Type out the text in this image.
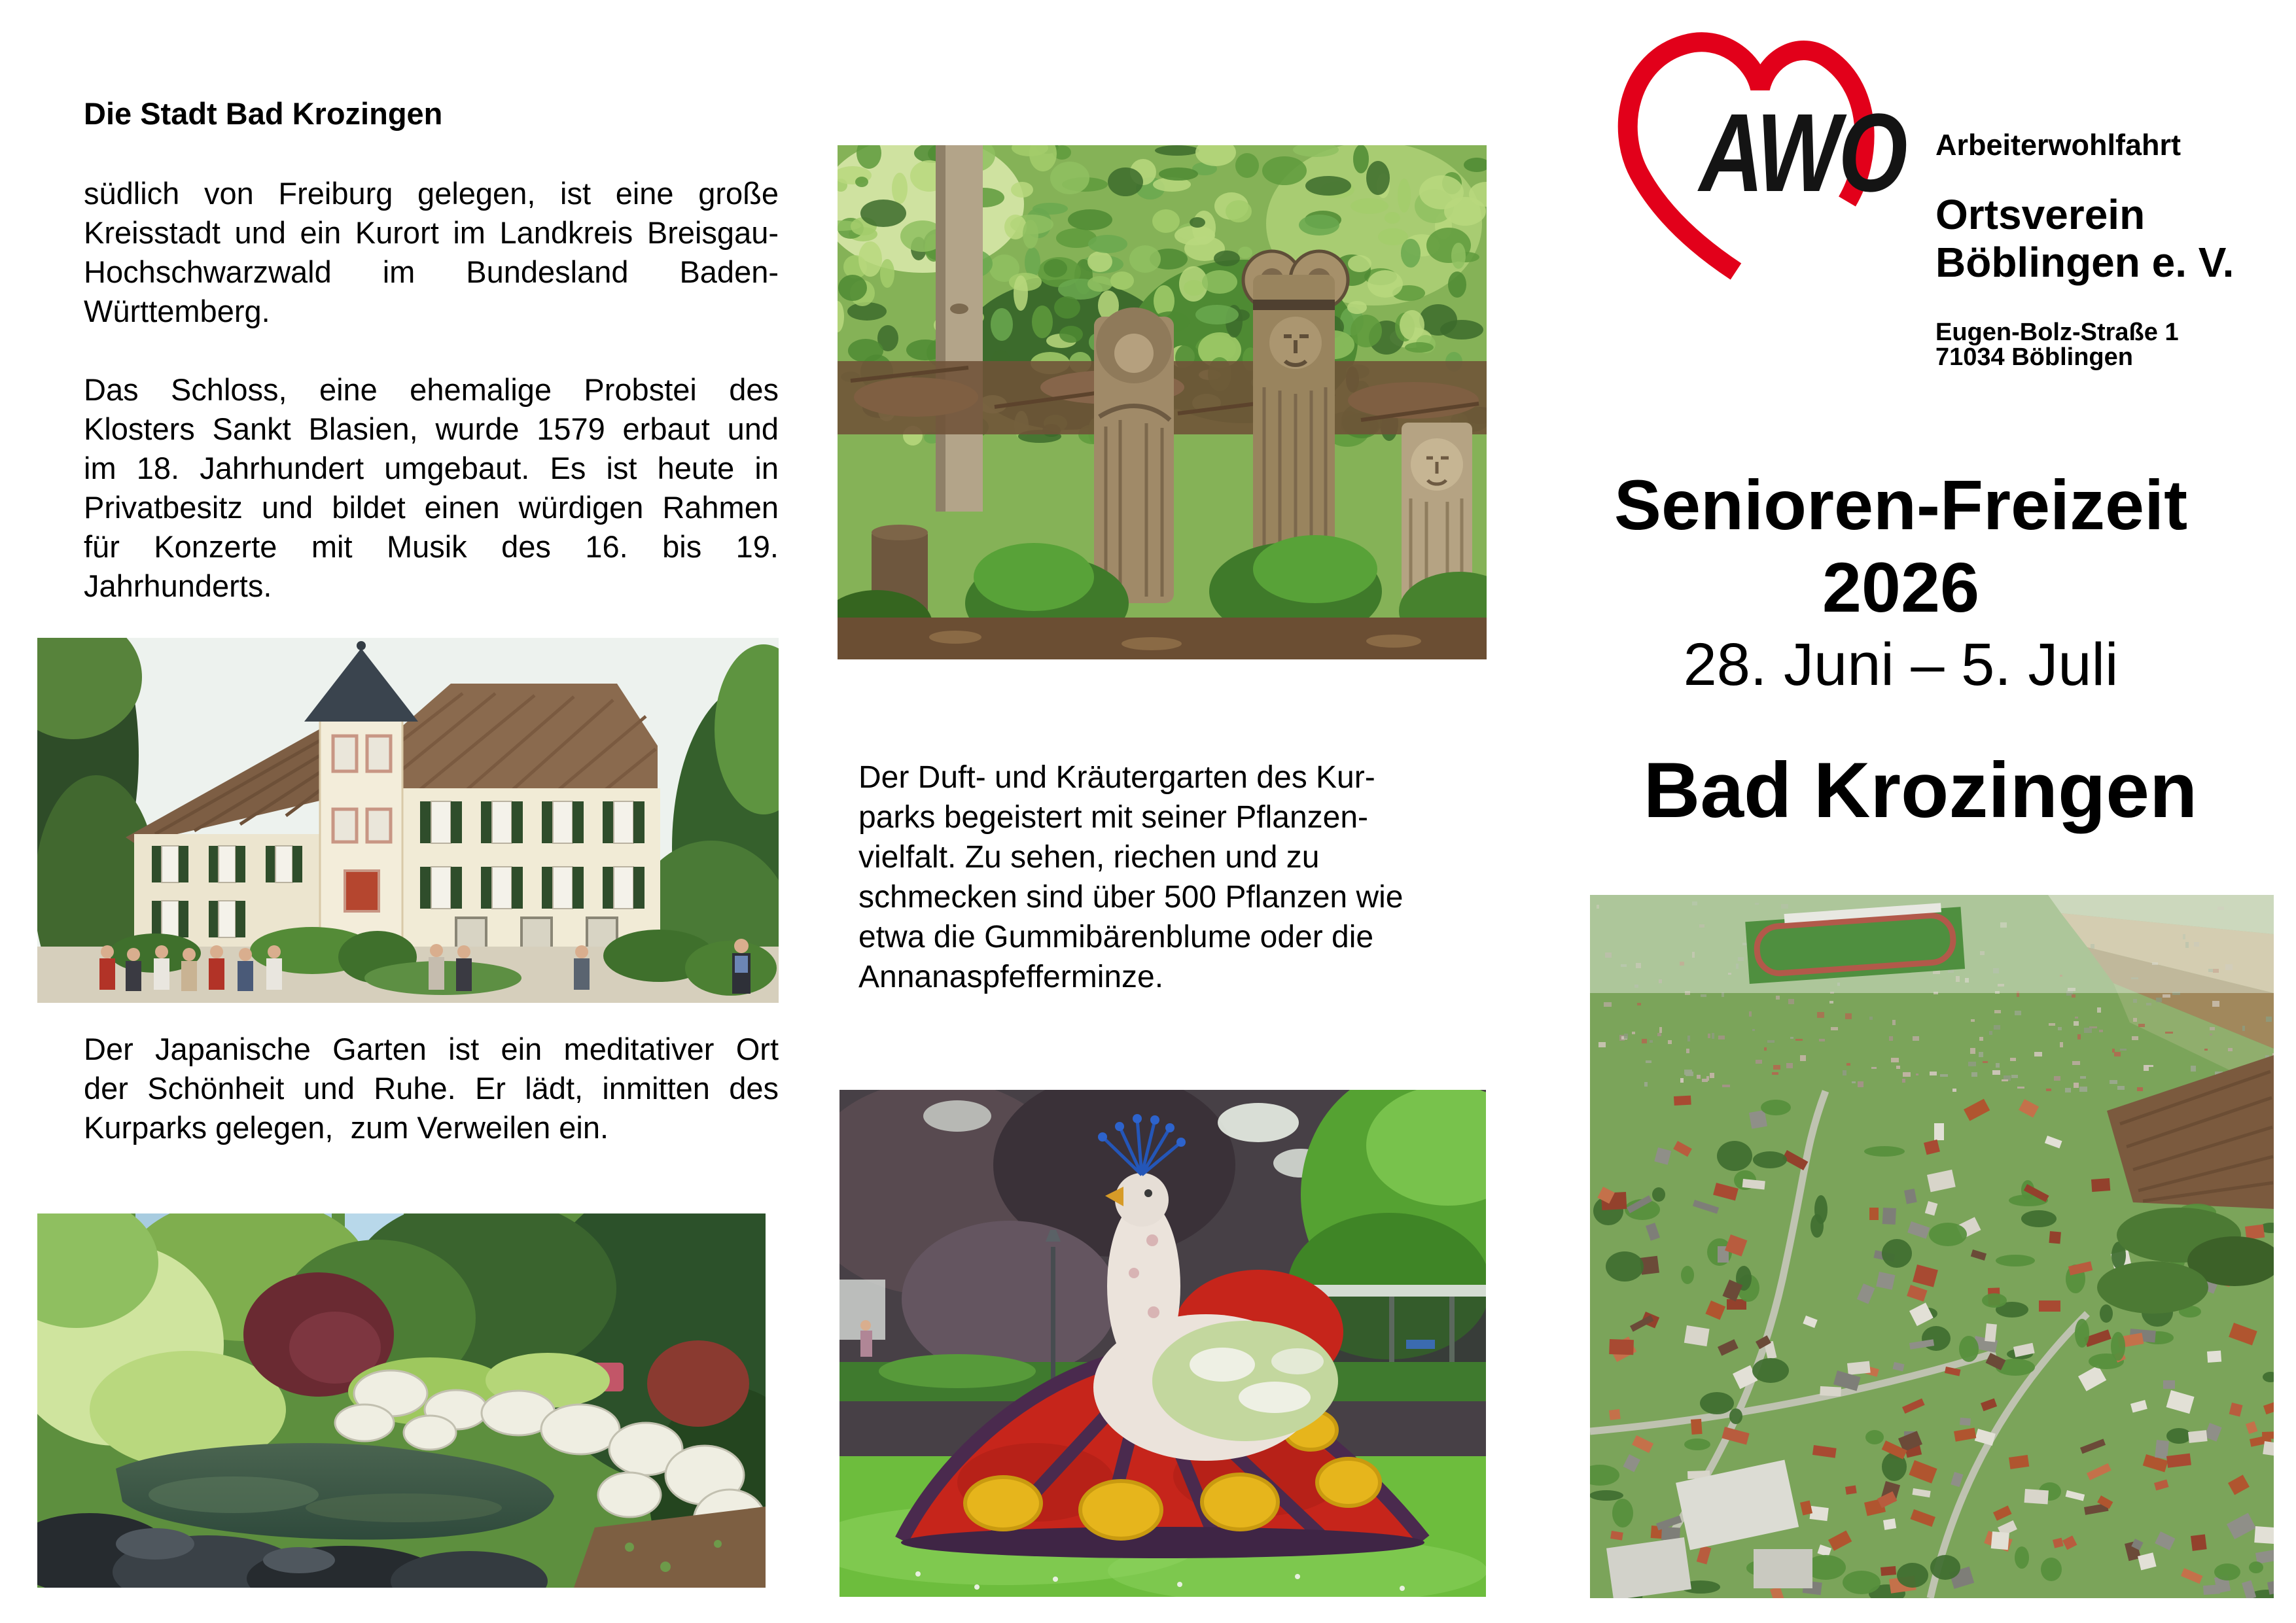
Die Stadt Bad Krozingen
südlich von Freiburg gelegen, ist eine große
Kreisstadt und ein Kurort im Landkreis Breisgau-
Hochschwarzwald im Bundesland Baden-
Württemberg.
Das Schloss, eine ehemalige Probstei des
Klosters Sankt Blasien, wurde 1579 erbaut und
im 18. Jahrhundert umgebaut. Es ist heute in
Privatbesitz und bildet einen würdigen Rahmen
für Konzerte mit Musik des 16. bis 19.
Jahrhunderts.
Der Japanische Garten ist ein meditativer Ort
der Schönheit und Ruhe. Er lädt, inmitten des
Kurparks gelegen,  zum Verweilen ein.
Der Duft- und Kräutergarten des Kur-
parks begeistert mit seiner Pflanzen-
vielfalt. Zu sehen, riechen und zu
schmecken sind über 500 Pflanzen wie
etwa die Gummibärenblume oder die
Annanaspfefferminze.
AWO Arbeiterwohlfahrt
Ortsverein
Böblingen e. V.
Eugen-Bolz-Straße 1
71034 Böblingen
Senioren-Freizeit
2026
28. Juni – 5. Juli
Bad Krozingen
